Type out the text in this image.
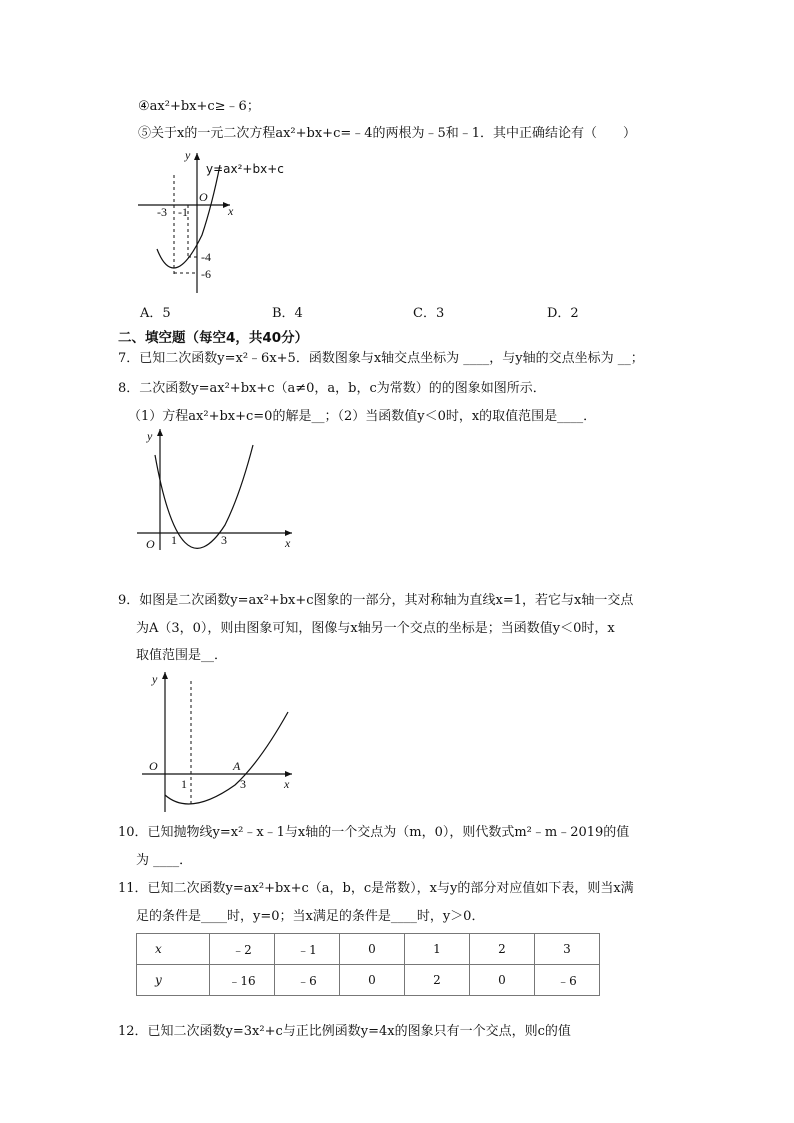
④ax²+bx+c≥﹣6；
⑤关于x的一元二次方程ax²+bx+c=﹣4的两根为﹣5和﹣1．其中正确结论有（　　）
y
x
O
y=ax²+bx+c
-3 -1
-4
-6
A．5	B．4	C．3	D．2
二、填空题（每空4，共40分）
7．已知二次函数y=x²﹣6x+5．函数图象与x轴交点坐标为 ____，与y轴的交点坐标为 __；
8．二次函数y=ax²+bx+c（a≠0，a，b，c为常数）的的图象如图所示．
（1）方程ax²+bx+c=0的解是__；（2）当函数值y＜0时，x的取值范围是____．
y
x
O 1	3
9．如图是二次函数y=ax²+bx+c图象的一部分，其对称轴为直线x=1，若它与x轴一交点
为A（3，0），则由图象可知，图像与x轴另一个交点的坐标是；当函数值y＜0时，x
取值范围是__．
y
x
O	A
1	3
10．已知抛物线y=x²﹣x﹣1与x轴的一个交点为（m，0），则代数式m²﹣m﹣2019的值
为 ____．
11．已知二次函数y=ax²+bx+c（a，b，c是常数），x与y的部分对应值如下表，则当x满
足的条件是____时，y=0；当x满足的条件是____时，y＞0．
x	﹣2	﹣1	0	1	2	3
y	﹣16	﹣6	0	2	0	﹣6
12．已知二次函数y=3x²+c与正比例函数y=4x的图象只有一个交点，则c的值
